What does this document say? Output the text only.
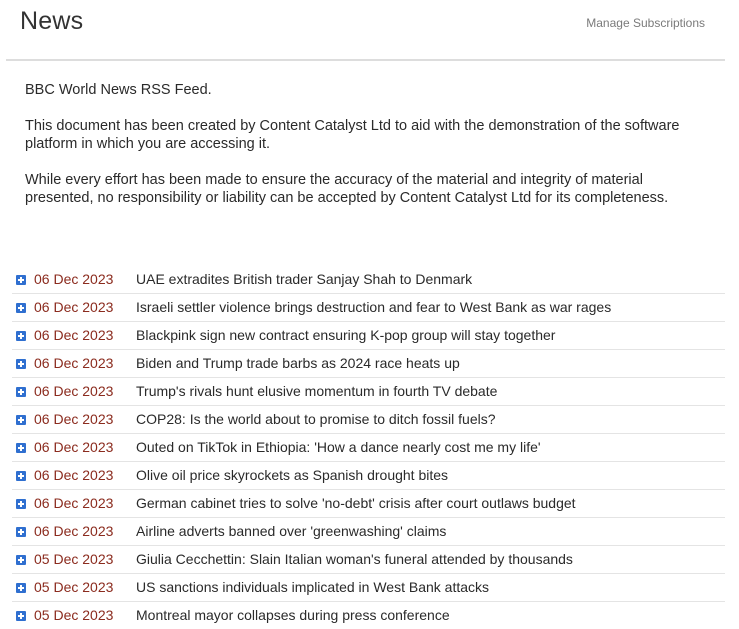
News	Manage Subscriptions

BBC World News RSS Feed.

This document has been created by Content Catalyst Ltd to aid with the demonstration of the software platform in which you are accessing it.

While every effort has been made to ensure the accuracy of the material and integrity of material presented, no responsibility or liability can be accepted by Content Catalyst Ltd for its completeness.

06 Dec 2023 UAE extradites British trader Sanjay Shah to Denmark
06 Dec 2023 Israeli settler violence brings destruction and fear to West Bank as war rages
06 Dec 2023 Blackpink sign new contract ensuring K-pop group will stay together
06 Dec 2023 Biden and Trump trade barbs as 2024 race heats up
06 Dec 2023 Trump's rivals hunt elusive momentum in fourth TV debate
06 Dec 2023 COP28: Is the world about to promise to ditch fossil fuels?
06 Dec 2023 Outed on TikTok in Ethiopia: 'How a dance nearly cost me my life'
06 Dec 2023 Olive oil price skyrockets as Spanish drought bites
06 Dec 2023 German cabinet tries to solve 'no-debt' crisis after court outlaws budget
06 Dec 2023 Airline adverts banned over 'greenwashing' claims
05 Dec 2023 Giulia Cecchettin: Slain Italian woman's funeral attended by thousands
05 Dec 2023 US sanctions individuals implicated in West Bank attacks
05 Dec 2023 Montreal mayor collapses during press conference
